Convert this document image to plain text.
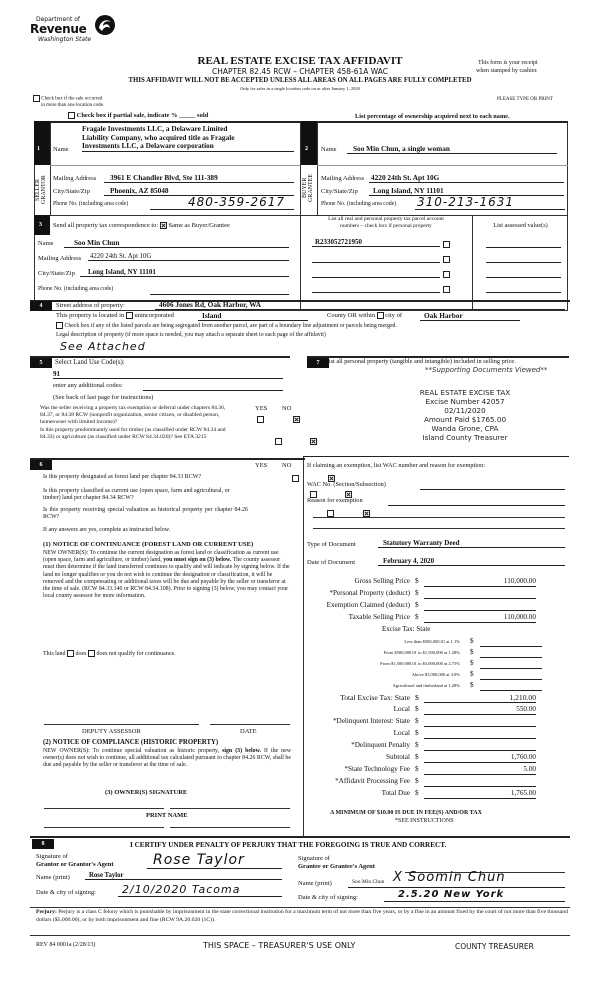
Department of
Revenue
Washington State
REAL ESTATE EXCISE TAX AFFIDAVIT
CHAPTER 82.45 RCW – CHAPTER 458-61A WAC
THIS AFFIDAVIT WILL NOT BE ACCEPTED UNLESS ALL AREAS ON ALL PAGES ARE FULLY COMPLETED
Only for sales in a single location code on or after January 1, 2020
This form is your receipt
when stamped by cashier.
Check box if the sale occurred
in more than one location code.
PLEASE TYPE OR PRINT
Check box if partial sale, indicate % _____ sold	List percentage of ownership acquired next to each name.
1	2
SELLER
GRANTOR	BUYER
GRANTEE
Name
Fragale Investments LLC, a Delaware Limited
Liability Company, who acquired title as Fragale
Investments LLC, a Delaware corporation
Mailing Address	3961 E Chandler Blvd, Ste 111-389
City/State/Zip	Phoenix, AZ 85048
Phone No. (including area code)	480-359-2617
Name	Soo Min Chun, a single woman
Mailing Address 4220 24th St. Apt 10G
City/State/Zip	Long Island, NY 11101
Phone No. (including area code) 310-213-1631
3 Send all property tax correspondence to: Same as Buyer/Grantee
Name	Soo Min Chun
Mailing Address 4220 24th St. Apt 10G
City/State/Zip	Long Island, NY 11101
Phone No. (including area code)
List all real and personal property tax parcel account
numbers – check box if personal property	List assessed value(s)
R233052721950
4	Street address of property:	4606 Jones Rd, Oak Harbor, WA
This property is located in unincorporated	Island	County OR within city of	Oak Harbor
Check box if any of the listed parcels are being segregated from another parcel, are part of a boundary line adjustment or parcels being merged.
Legal description of property (if more space is needed, you may attach a separate sheet to each page of the affidavit)
See Attached
5	Select Land Use Code(s):
91
enter any additional codes:
(See back of last page for instructions)
YES NO
Was the seller receiving a property tax exemption or deferral under chapters 84.36, 84.37, or 84.38 RCW (nonprofit organization, senior citizen, or disabled person, homeowner with limited income)?

Is this property predominantly used for timber (as classified under RCW 84.34 and 84.33) or agriculture (as classified under RCW 84.34.020)? See ETA 3215

7 List all personal property (tangible and intangible) included in selling price.
**Supporting Documents Viewed**
REAL ESTATE EXCISE TAX
Excise Number 42057
02/11/2020
Amount Paid $1765.00
Wanda Grone, CPA
Island County Treasurer
6	YES NO
Is this property designated as forest land per chapter 84.33 RCW?

Is this property classified as current use (open space, farm and agricultural, or timber) land per chapter 84.34 RCW?

Is this property receiving special valuation as historical property per chapter 84.26 RCW?

If any answers are yes, complete as instructed below.
(1) NOTICE OF CONTINUANCE (FOREST LAND OR CURRENT USE)
NEW OWNER(S): To continue the current designation as forest land or classification as current use (open space, farm and agriculture, or timber) land, you must sign on (3) below. The county assessor must then determine if the land transferred continues to qualify and will indicate by signing below. If the land no longer qualifies or you do not wish to continue the designation or classification, it will be removed and the compensating or additional taxes will be due and payable by the seller or transferor at the time of sale. (RCW 84.33.140 or RCW 84.34.108). Prior to signing (3) below, you may contact your local county assessor for more information.
This land does does not qualify for continuance.
DEPUTY ASSESSOR	DATE
(2) NOTICE OF COMPLIANCE (HISTORIC PROPERTY)
NEW OWNER(S): To continue special valuation as historic property, sign (3) below. If the new owner(s) does not wish to continue, all additional tax calculated pursuant to chapter 84.26 RCW, shall be due and payable by the seller or transferor at the time of sale.
(3) OWNER(S) SIGNATURE
PRINT NAME
If claiming an exemption, list WAC number and reason for exemption:
WAC No. (Section/Subsection)
Reason for exemption
Type of Document	Statutory Warranty Deed
Date of Document	February 4, 2020
Gross Selling Price $	110,000.00
*Personal Property (deduct) $
Exemption Claimed (deduct) $
Taxable Selling Price $	110,000.00
Excise Tax: State
Less than $500,000.01 at 1.1% $
From $500,000.01 to $1,500,000 at 1.28% $
From $1,500,000.01 to $3,000,000 at 2.75% $
Above $3,000,000 at 3.0% $
Agricultural and timberland at 1.28% $
Total Excise Tax: State $	1,210.00
Local $	550.00
*Delinquent Interest: State $
Local $
*Delinquent Penalty $
Subtotal $	1,760.00
*State Technology Fee $	5.00
*Affidavit Processing Fee $
Total Due $	1,765.00
A MINIMUM OF $10.00 IS DUE IN FEE(S) AND/OR TAX
*SEE INSTRUCTIONS
8	I CERTIFY UNDER PENALTY OF PERJURY THAT THE FOREGOING IS TRUE AND CORRECT.
Signature of
Grantor or Grantor's Agent	Rose Taylor
Name (print)	Rose Taylor
Date & city of signing:	2/10/2020 Tacoma
Signature of
Grantee or Grantee's Agent
Name (print)	Soo Min Chun X Soomin Chun
Date & city of signing:	2.5.20 New York
Perjury: Perjury is a class C felony which is punishable by imprisonment in the state correctional institution for a maximum term of not more than five years, or by a fine in an amount fixed by the court of not more than five thousand dollars ($5,000.00), or by both imprisonment and fine (RCW 9A.20.020 (1C)).
REV 84 0001a (2/28/13)	THIS SPACE – TREASURER'S USE ONLY	COUNTY TREASURER
